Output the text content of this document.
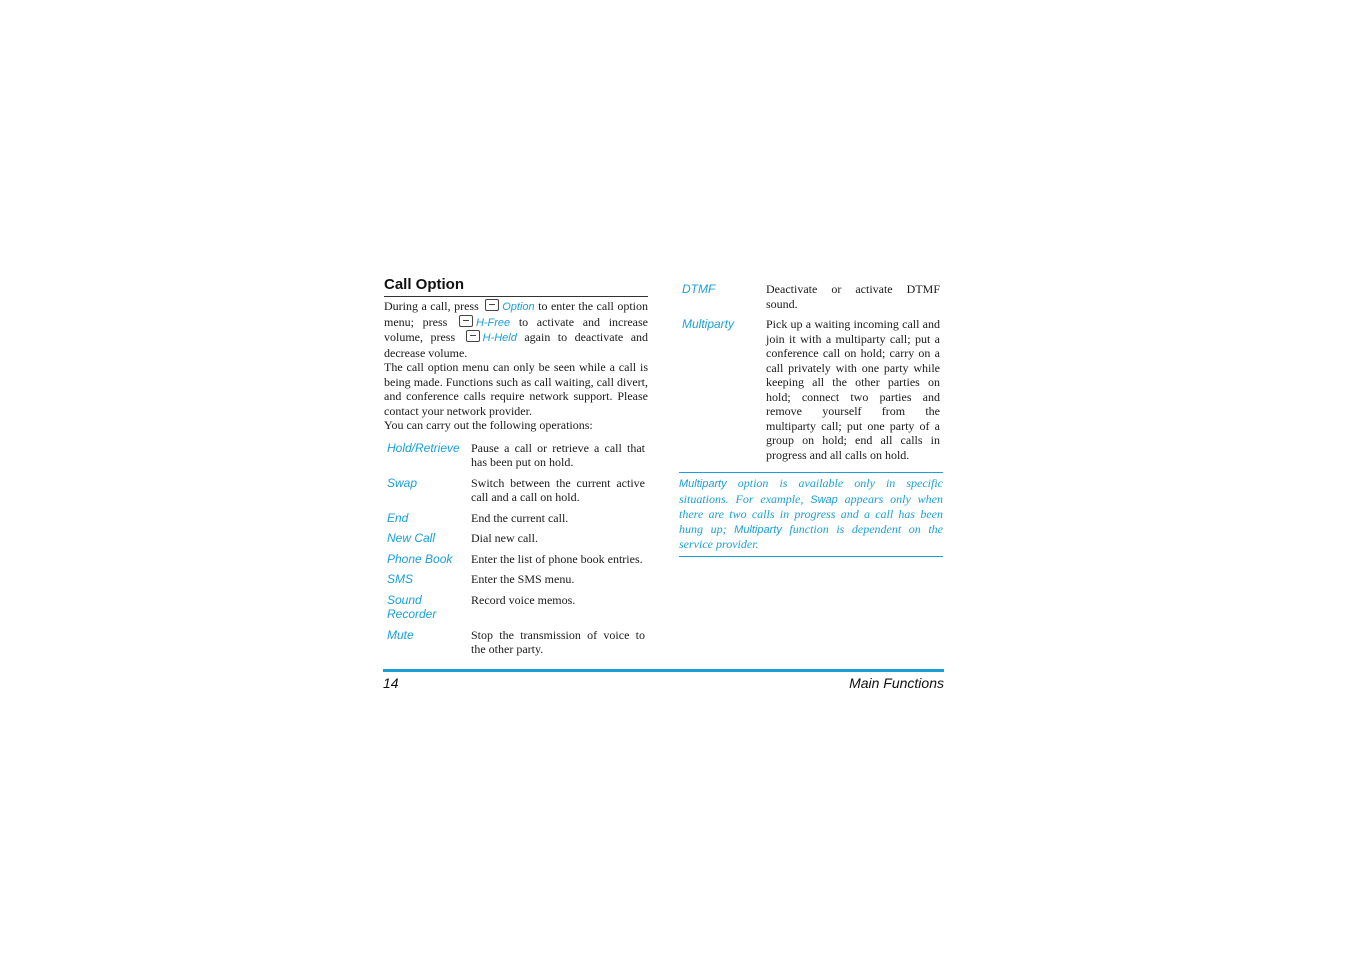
Call Option

During a call, press Option to enter the call option menu; press	H-Free to activate and increase volume, press H-Held again to deactivate and decrease volume.

The call option menu can only be seen while a call is being made. Functions such as call waiting, call divert, and conference calls require network support. Please contact your network provider.

You can carry out the following operations:

Hold/Retrieve	Pause a call or retrieve a call that has been put on hold.
Swap	Switch between the current active call and a call on hold.
End	End the current call.
New Call	Dial new call.
Phone Book	Enter the list of phone book entries.
SMS	Enter the SMS menu.
Sound Recorder	Record voice memos.
Mute	Stop the transmission of voice to the other party.
DTMF	Deactivate or activate DTMF sound.
Multiparty	Pick up a waiting incoming call and join it with a multiparty call; put a conference call on hold; carry on a call privately with one party while keeping all the other parties on hold; connect two parties and remove yourself from the multiparty call; put one party of a group on hold; end all calls in progress and all calls on hold.
Multiparty option is available only in specific situations. For example, Swap appears only when there are two calls in progress and a call has been hung up; Multiparty function is dependent on the service provider.
14	Main Functions
